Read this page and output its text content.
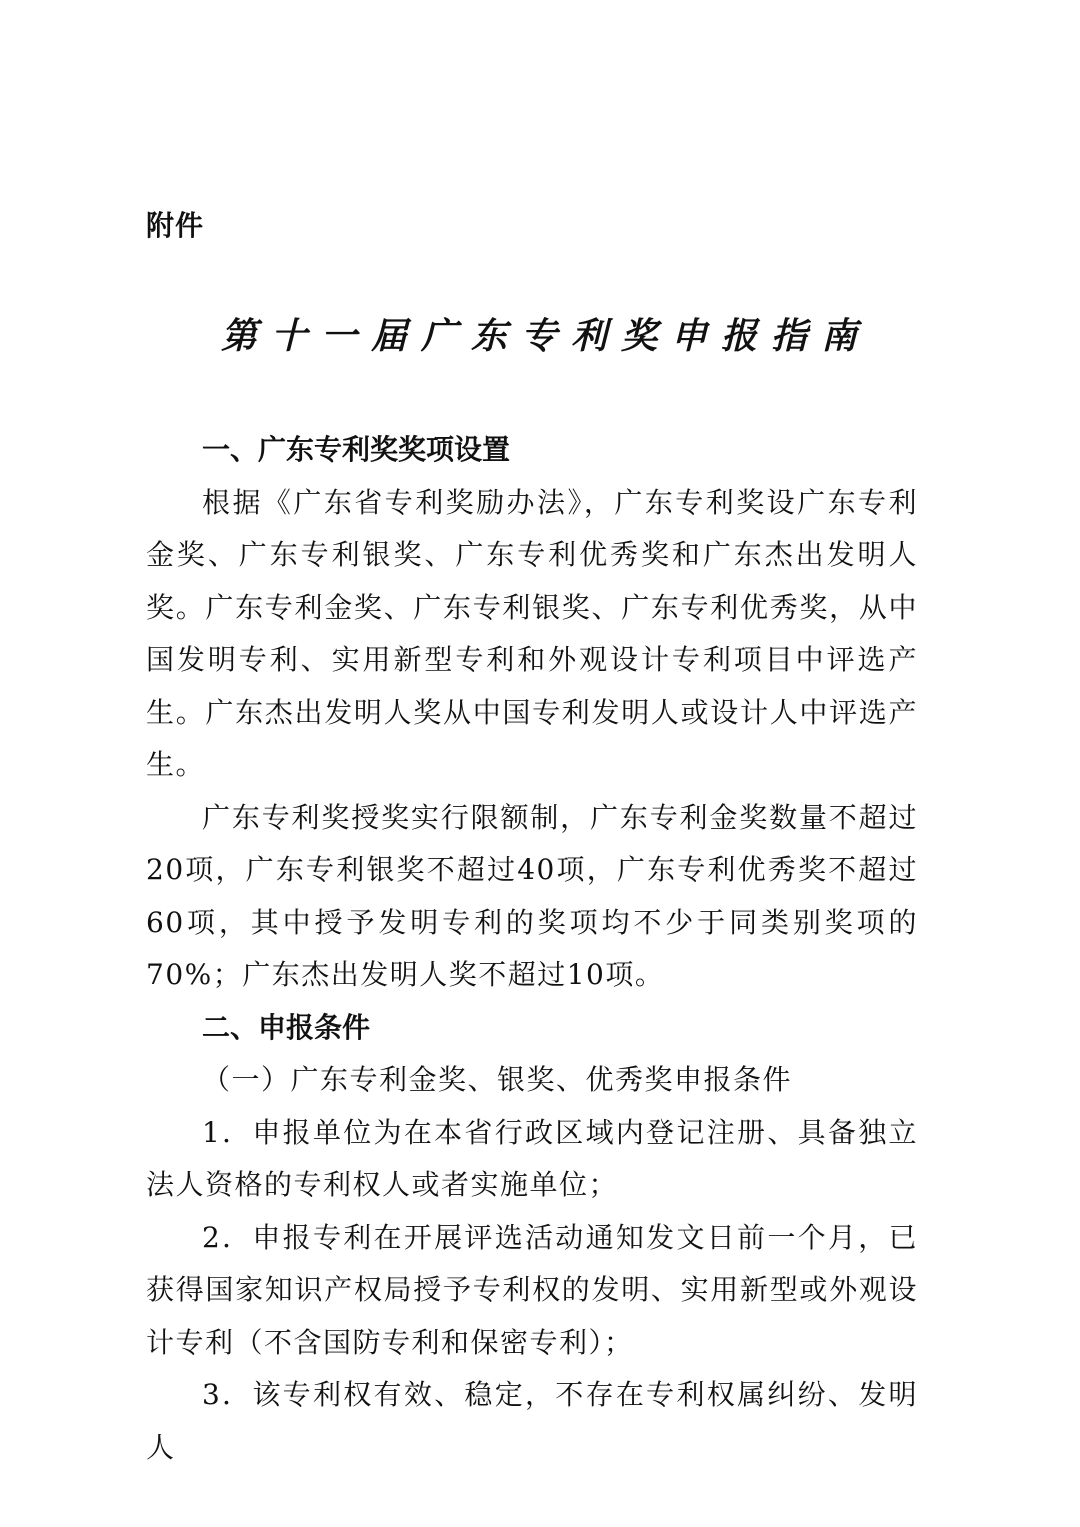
附件
第十一届广东专利奖申报指南

一、广东专利奖奖项设置

根据《广东省专利奖励办法》，广东专利奖设广东专利金奖、广东专利银奖、广东专利优秀奖和广东杰出发明人奖。广东专利金奖、广东专利银奖、广东专利优秀奖，从中国发明专利、实用新型专利和外观设计专利项目中评选产生。广东杰出发明人奖从中国专利发明人或设计人中评选产生。

广东专利奖授奖实行限额制，广东专利金奖数量不超过20项，广东专利银奖不超过40项，广东专利优秀奖不超过60项，其中授予发明专利的奖项均不少于同类别奖项的70%；广东杰出发明人奖不超过10项。

二、申报条件

（一）广东专利金奖、银奖、优秀奖申报条件

1．申报单位为在本省行政区域内登记注册、具备独立法人资格的专利权人或者实施单位；

2．申报专利在开展评选活动通知发文日前一个月，已获得国家知识产权局授予专利权的发明、实用新型或外观设计专利（不含国防专利和保密专利）；

3．该专利权有效、稳定，不存在专利权属纠纷、发明人
